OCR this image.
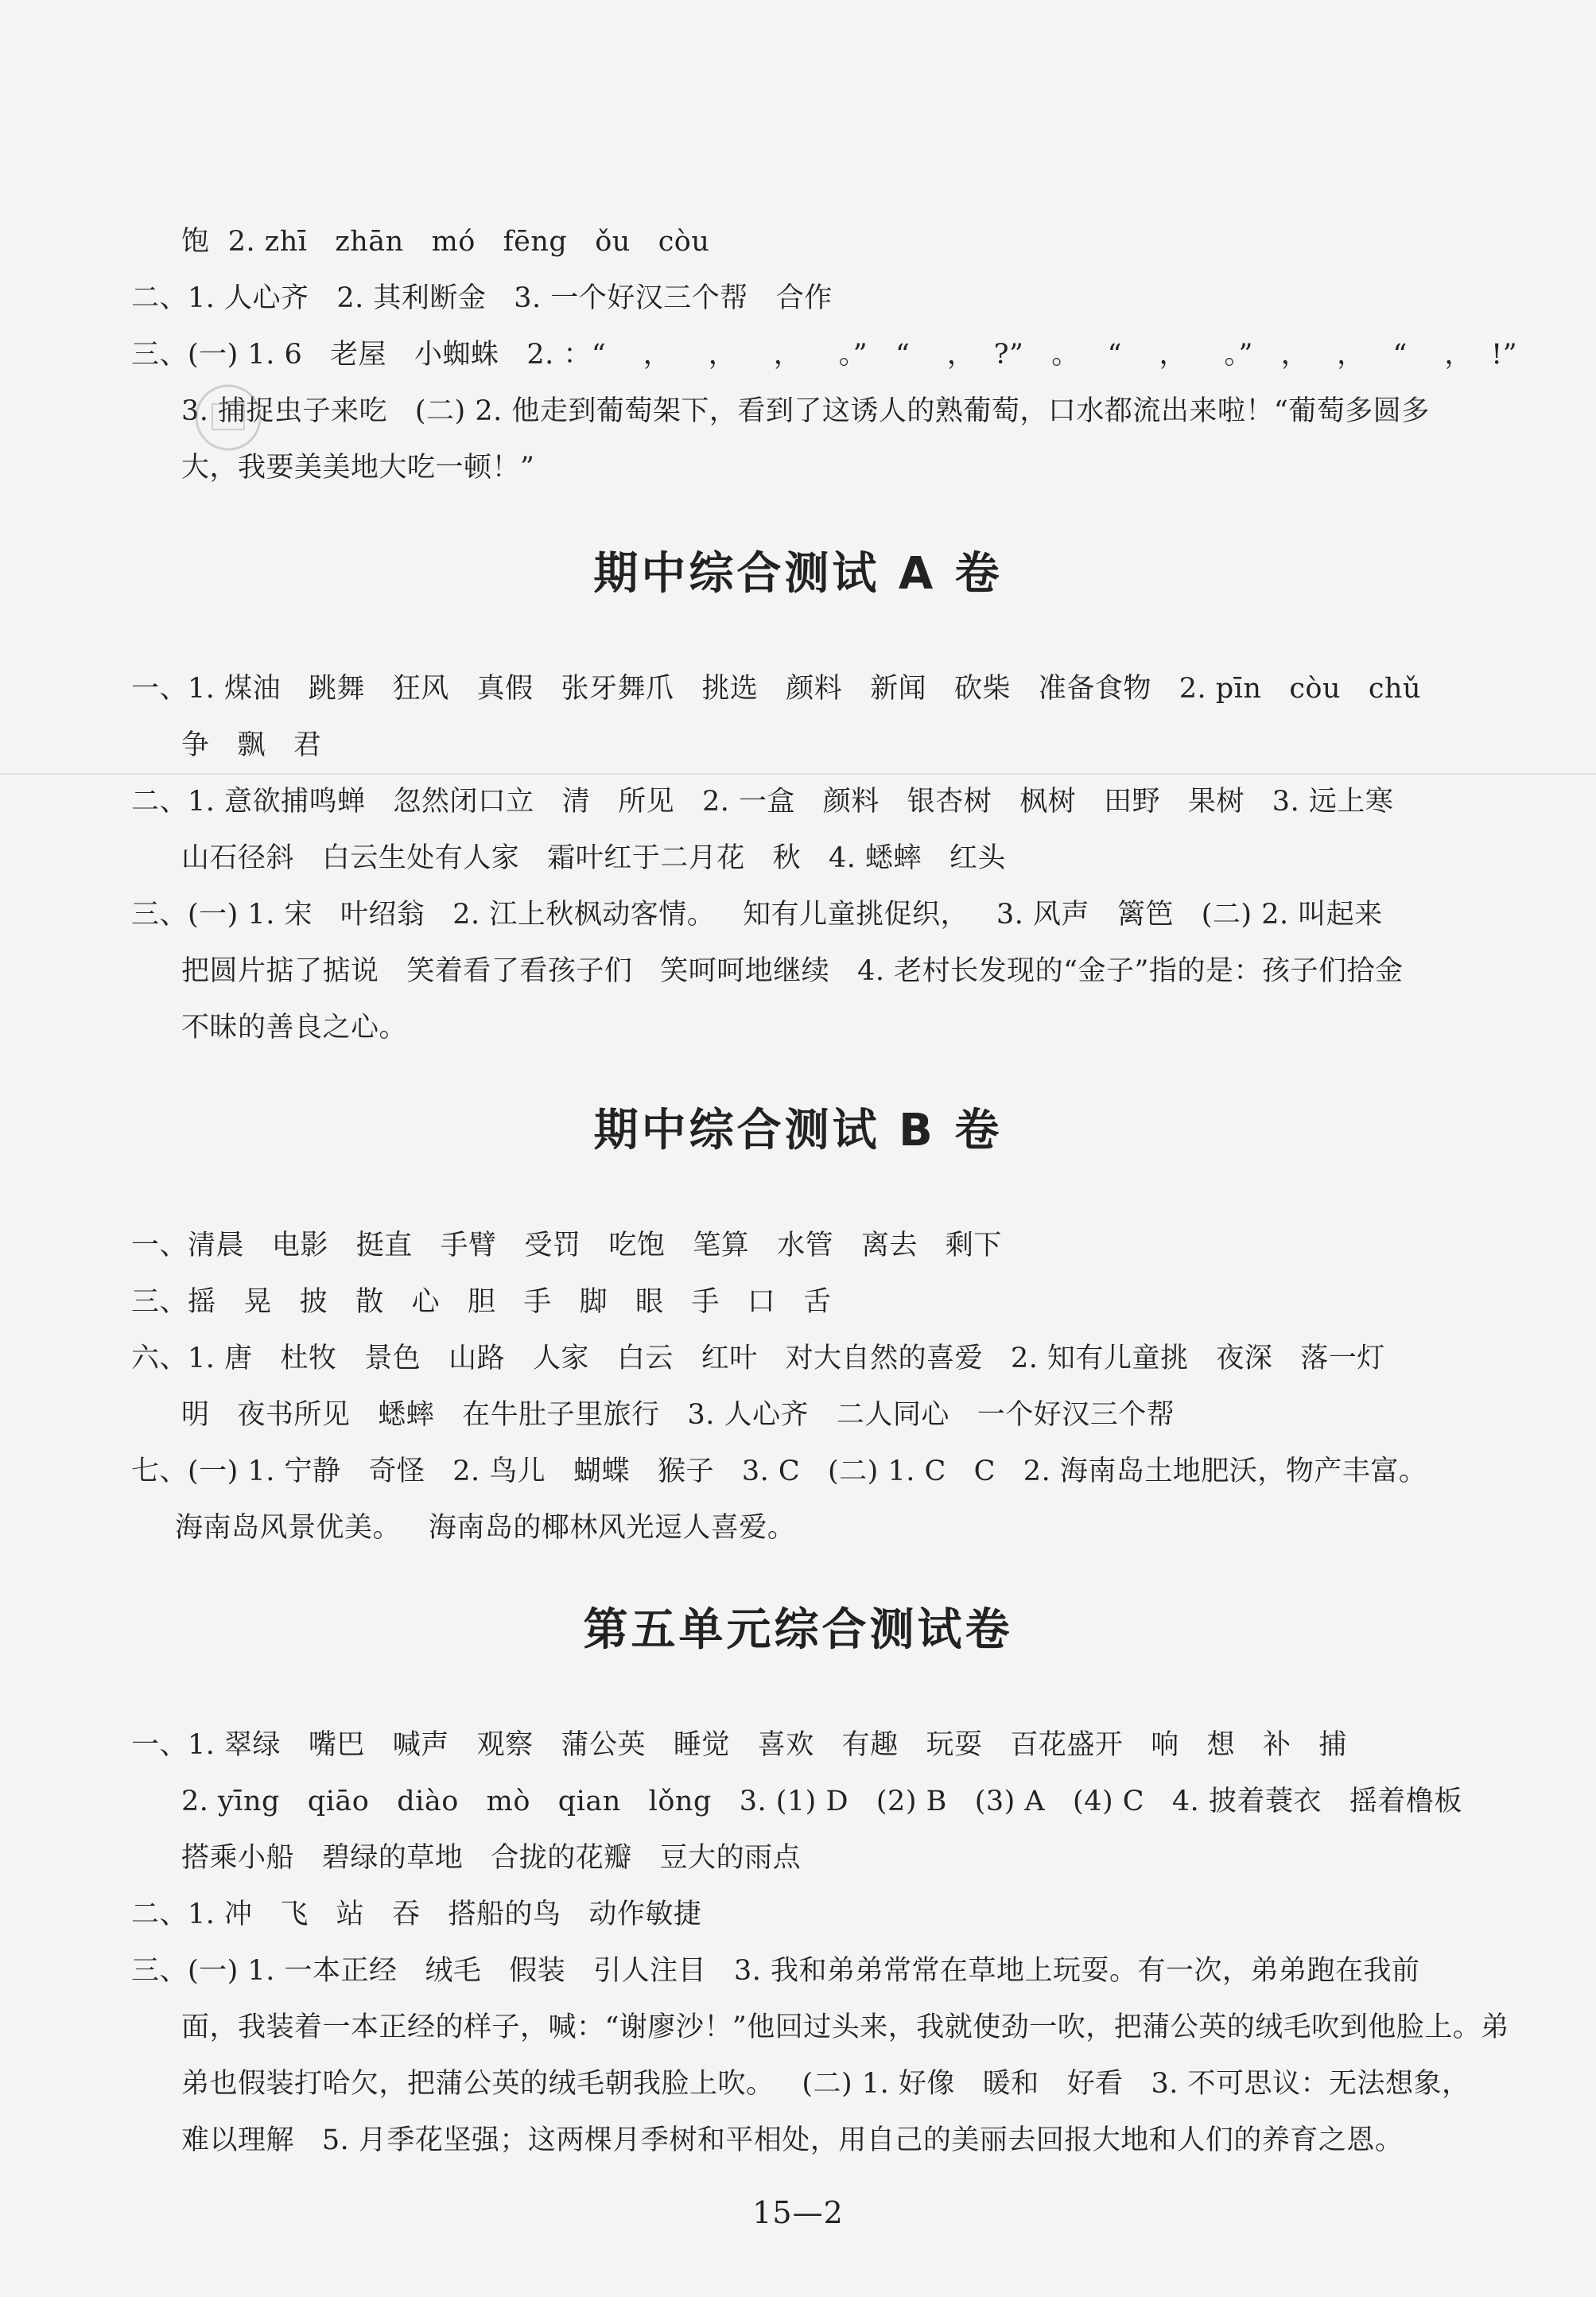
饱  2. zhī   zhān   mó   fēng   ǒu   còu
二、1. 人心齐   2. 其利断金   3. 一个好汉三个帮   合作
三、(一) 1. 6   老屋   小蜘蛛   2. ：“    ，    ，    ，    。”   “    ，  ?”   。   “    ，    。”   ，   ，   “    ，  !”
3. 捕捉虫子来吃   (二) 2. 他走到葡萄架下，看到了这诱人的熟葡萄，口水都流出来啦！“葡萄多圆多
大，我要美美地大吃一顿！”
期中综合测试 A 卷
一、1. 煤油   跳舞   狂风   真假   张牙舞爪   挑选   颜料   新闻   砍柴   准备食物   2. pīn   còu   chǔ
争   飘   君
二、1. 意欲捕鸣蝉   忽然闭口立   清   所见   2. 一盒   颜料   银杏树   枫树   田野   果树   3. 远上寒
山石径斜   白云生处有人家   霜叶红于二月花   秋   4. 蟋蟀   红头
三、(一) 1. 宋   叶绍翁   2. 江上秋枫动客情。   知有儿童挑促织，   3. 风声   篱笆   (二) 2. 叫起来
把圆片掂了掂说   笑着看了看孩子们   笑呵呵地继续   4. 老村长发现的“金子”指的是：孩子们拾金
不昧的善良之心。
期中综合测试 B 卷
一、清晨   电影   挺直   手臂   受罚   吃饱   笔算   水管   离去   剩下
三、摇   晃   披   散   心   胆   手   脚   眼   手   口   舌
六、1. 唐   杜牧   景色   山路   人家   白云   红叶   对大自然的喜爱   2. 知有儿童挑   夜深   落一灯
明   夜书所见   蟋蟀   在牛肚子里旅行   3. 人心齐   二人同心   一个好汉三个帮
七、(一) 1. 宁静   奇怪   2. 鸟儿   蝴蝶   猴子   3. C   (二) 1. C   C   2. 海南岛土地肥沃，物产丰富。
海南岛风景优美。   海南岛的椰林风光逗人喜爱。
第五单元综合测试卷
一、1. 翠绿   嘴巴   喊声   观察   蒲公英   睡觉   喜欢   有趣   玩耍   百花盛开   响   想   补   捕
2. yīng   qiāo   diào   mò   qian   lǒng   3. (1) D   (2) B   (3) A   (4) C   4. 披着蓑衣   摇着橹板
搭乘小船   碧绿的草地   合拢的花瓣   豆大的雨点
二、1. 冲   飞   站   吞   搭船的鸟   动作敏捷
三、(一) 1. 一本正经   绒毛   假装   引人注目   3. 我和弟弟常常在草地上玩耍。有一次，弟弟跑在我前
面，我装着一本正经的样子，喊：“谢廖沙！”他回过头来，我就使劲一吹，把蒲公英的绒毛吹到他脸上。弟
弟也假装打哈欠，把蒲公英的绒毛朝我脸上吹。   (二) 1. 好像   暖和   好看   3. 不可思议：无法想象，
难以理解   5. 月季花坚强；这两棵月季树和平相处，用自己的美丽去回报大地和人们的养育之恩。
15—2
